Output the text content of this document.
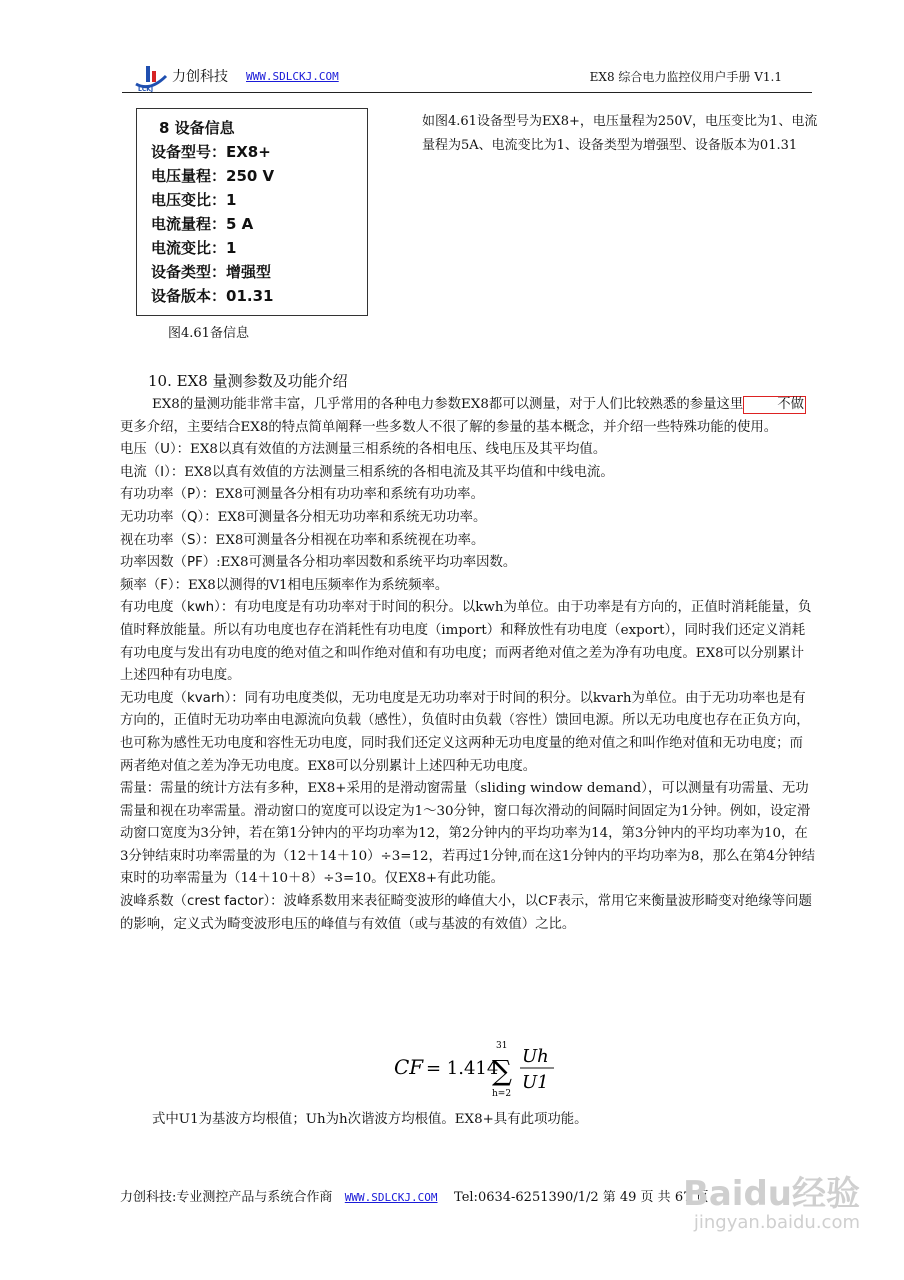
LCKJ
力创科技 WWW.SDLCKJ.COM	EX8 综合电力监控仪用户手册 V1.1
8 设备信息
设备型号：EX8+
电压量程：250 V
电压变比：1
电流量程：5 A
电流变比：1
设备类型：增强型
设备版本：01.31
图4.61备信息
如图4.61设备型号为EX8+，电压量程为250V，电压变比为1、电流量程为5A、电流变比为1、设备类型为增强型、设备版本为01.31
10. EX8 量测参数及功能介绍

EX8的量测功能非常丰富，几乎常用的各种电力参数EX8都可以测量，对于人们比较熟悉的参量这里	不做更多介绍，主要结合EX8的特点简单阐释一些多数人不很了解的参量的基本概念，并介绍一些特殊功能的使用。

电压（U）：EX8以真有效值的方法测量三相系统的各相电压、线电压及其平均值。

电流（I）：EX8以真有效值的方法测量三相系统的各相电流及其平均值和中线电流。

有功功率（P）：EX8可测量各分相有功功率和系统有功功率。

无功功率（Q）：EX8可测量各分相无功功率和系统无功功率。

视在功率（S）：EX8可测量各分相视在功率和系统视在功率。

功率因数（PF）:EX8可测量各分相功率因数和系统平均功率因数。

频率（F）：EX8以测得的V1相电压频率作为系统频率。

有功电度（kwh）：有功电度是有功功率对于时间的积分。以kwh为单位。由于功率是有方向的，正值时消耗能量，负值时释放能量。所以有功电度也存在消耗性有功电度（import）和释放性有功电度（export），同时我们还定义消耗有功电度与发出有功电度的绝对值之和叫作绝对值和有功电度；而两者绝对值之差为净有功电度。EX8可以分别累计上述四种有功电度。

无功电度（kvarh）：同有功电度类似，无功电度是无功功率对于时间的积分。以kvarh为单位。由于无功功率也是有方向的，正值时无功功率由电源流向负载（感性），负值时由负载（容性）馈回电源。所以无功电度也存在正负方向，也可称为感性无功电度和容性无功电度，同时我们还定义这两种无功电度量的绝对值之和叫作绝对值和无功电度；而两者绝对值之差为净无功电度。EX8可以分别累计上述四种无功电度。

需量：需量的统计方法有多种，EX8+采用的是滑动窗需量（sliding window demand），可以测量有功需量、无功需量和视在功率需量。滑动窗口的宽度可以设定为1～30分钟，窗口每次滑动的间隔时间固定为1分钟。例如，设定滑动窗口宽度为3分钟，若在第1分钟内的平均功率为12，第2分钟内的平均功率为14，第3分钟内的平均功率为10，在3分钟结束时功率需量的为（12＋14＋10）÷3=12，若再过1分钟,而在这1分钟内的平均功率为8，那么在第4分钟结束时的功率需量为（14＋10＋8）÷3=10。仅EX8+有此功能。

波峰系数（crest factor）：波峰系数用来表征畸变波形的峰值大小，以CF表示，常用它来衡量波形畸变对绝缘等问题的影响，定义式为畸变波形电压的峰值与有效值（或与基波的有效值）之比。

CF = 1.414
31
∑
h=2
Uh
U1
式中U1为基波方均根值；Uh为h次谐波方均根值。EX8+具有此项功能。
力创科技:专业测控产品与系统合作商 WWW.SDLCKJ.COM Tel:0634-6251390/1/2 第 49 页 共 67 页
Baidu经验
jingyan.baidu.com
